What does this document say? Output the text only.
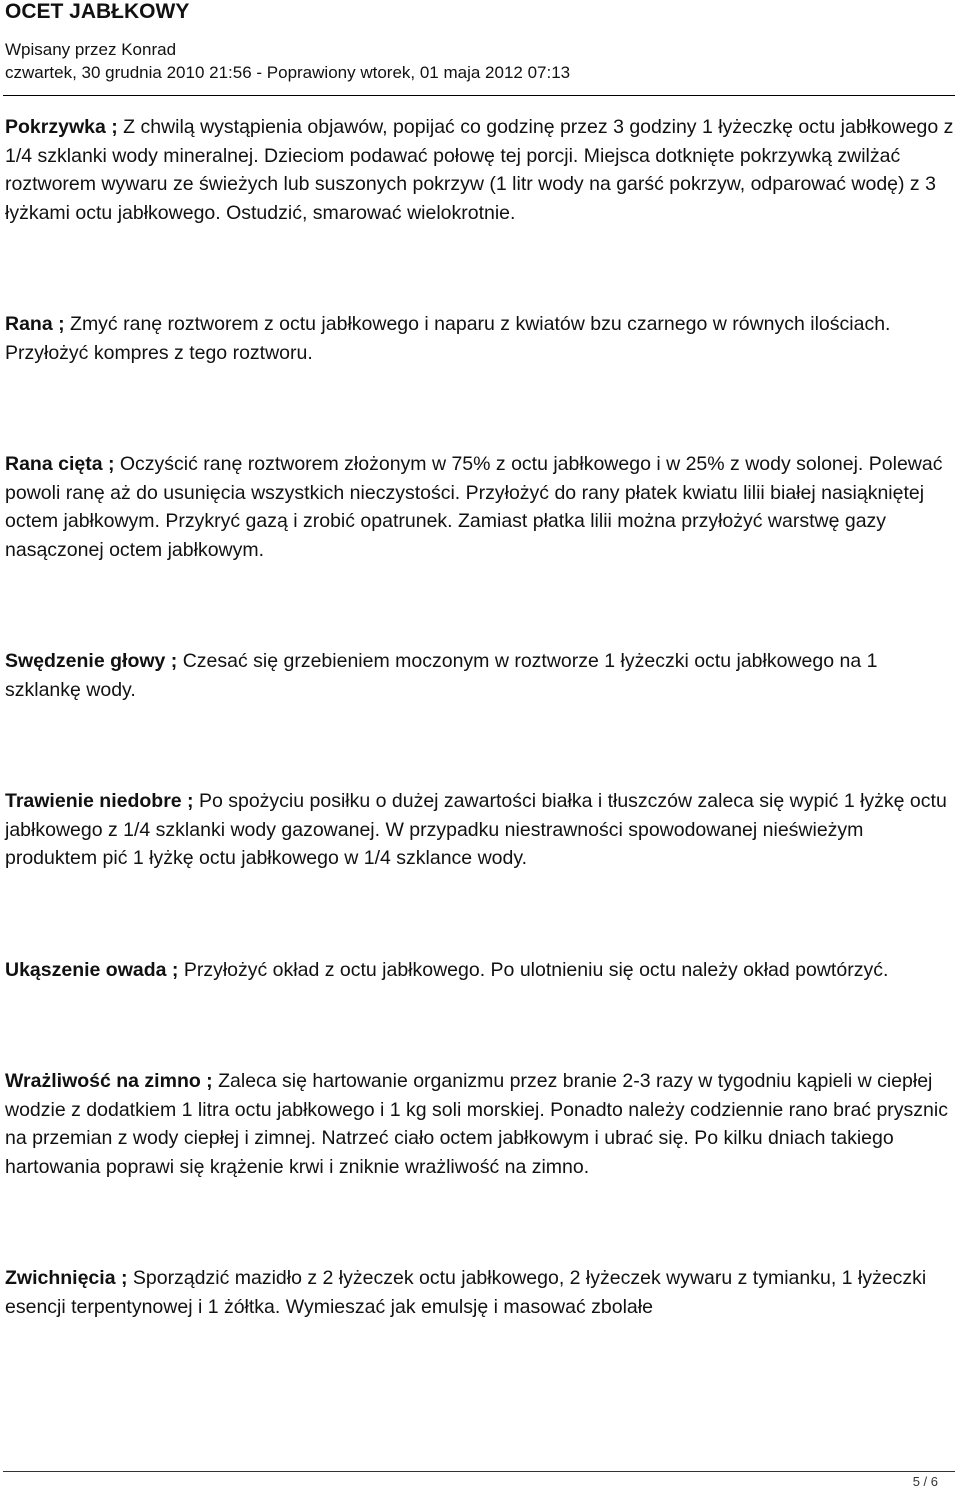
OCET JABŁKOWY
Wpisany przez Konrad
czwartek, 30 grudnia 2010 21:56 - Poprawiony wtorek, 01 maja 2012 07:13

Pokrzywka ; Z chwilą wystąpienia objawów, popijać co godzinę przez 3 godziny 1 łyżeczkę octu jabłkowego z 1/4 szklanki wody mineralnej. Dzieciom podawać połowę tej porcji. Miejsca dotknięte pokrzywką zwilżać roztworem wywaru ze świeżych lub suszonych pokrzyw (1 litr wody na garść pokrzyw, odparować wodę) z 3 łyżkami octu jabłkowego. Ostudzić, smarować wielokrotnie.

Rana ; Zmyć ranę roztworem z octu jabłkowego i naparu z kwiatów bzu czarnego w równych ilościach. Przyłożyć kompres z tego roztworu.

Rana cięta ; Oczyścić ranę roztworem złożonym w 75% z octu jabłkowego i w 25% z wody solonej. Polewać powoli ranę aż do usunięcia wszystkich nieczystości. Przyłożyć do rany płatek kwiatu lilii białej nasiąkniętej octem jabłkowym. Przykryć gazą i zrobić opatrunek. Zamiast płatka lilii można przyłożyć warstwę gazy nasączonej octem jabłkowym.

Swędzenie głowy ; Czesać się grzebieniem moczonym w roztworze 1 łyżeczki octu jabłkowego na 1 szklankę wody.

Trawienie niedobre ; Po spożyciu posiłku o dużej zawartości białka i tłuszczów zaleca się wypić 1 łyżkę octu jabłkowego z 1/4 szklanki wody gazowanej. W przypadku niestrawności spowodowanej nieświeżym produktem pić 1 łyżkę octu jabłkowego w 1/4 szklance wody.

Ukąszenie owada ; Przyłożyć okład z octu jabłkowego. Po ulotnieniu się octu należy okład powtórzyć.

Wrażliwość na zimno ; Zaleca się hartowanie organizmu przez branie 2-3 razy w tygodniu kąpieli w ciepłej wodzie z dodatkiem 1 litra octu jabłkowego i 1 kg soli morskiej. Ponadto należy codziennie rano brać prysznic na przemian z wody ciepłej i zimnej. Natrzeć ciało octem jabłkowym i ubrać się. Po kilku dniach takiego hartowania poprawi się krążenie krwi i zniknie wrażliwość na zimno.

Zwichnięcia ; Sporządzić mazidło z 2 łyżeczek octu jabłkowego, 2 łyżeczek wywaru z tymianku, 1 łyżeczki esencji terpentynowej i 1 żółtka. Wymieszać jak emulsję i masować zbolałe

5 / 6
